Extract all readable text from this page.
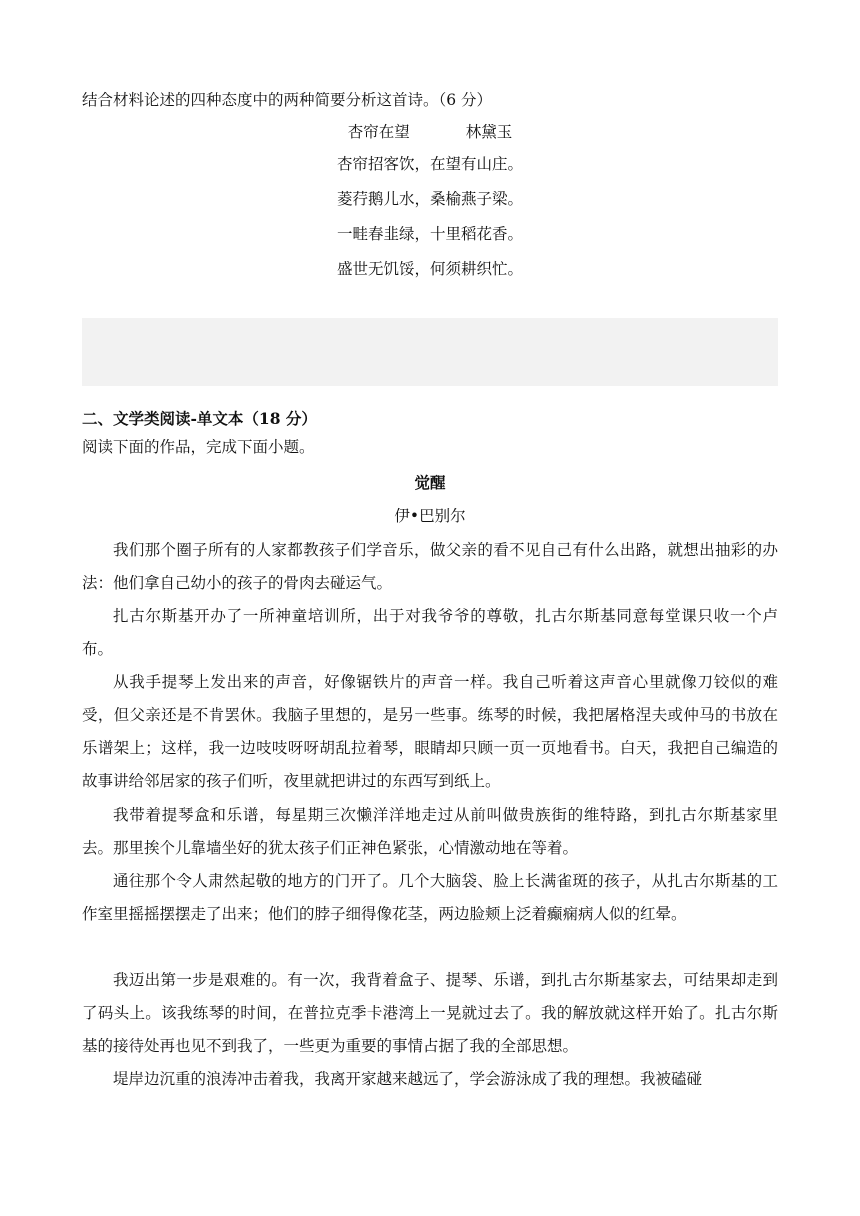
结合材料论述的四种态度中的两种简要分析这首诗。（6 分）
杏帘在望	林黛玉
杏帘招客饮，在望有山庄。
菱荇鹅儿水，桑榆燕子梁。
一畦春韭绿，十里稻花香。
盛世无饥馁，何须耕织忙。
二、文学类阅读-单文本（18 分）
阅读下面的作品，完成下面小题。
觉醒
伊•巴别尔

我们那个圈子所有的人家都教孩子们学音乐，做父亲的看不见自己有什么出路，就想出抽彩的办法：他们拿自己幼小的孩子的骨肉去碰运气。

扎古尔斯基开办了一所神童培训所，出于对我爷爷的尊敬，扎古尔斯基同意每堂课只收一个卢布。

从我手提琴上发出来的声音，好像锯铁片的声音一样。我自己听着这声音心里就像刀铰似的难受，但父亲还是不肯罢休。我脑子里想的，是另一些事。练琴的时候，我把屠格涅夫或仲马的书放在乐谱架上；这样，我一边吱吱呀呀胡乱拉着琴，眼睛却只顾一页一页地看书。白天，我把自己编造的故事讲给邻居家的孩子们听，夜里就把讲过的东西写到纸上。

我带着提琴盒和乐谱，每星期三次懒洋洋地走过从前叫做贵族街的维特路，到扎古尔斯基家里去。那里挨个儿靠墙坐好的犹太孩子们正神色紧张，心情激动地在等着。

通往那个令人肃然起敬的地方的门开了。几个大脑袋、脸上长满雀斑的孩子，从扎古尔斯基的工作室里摇摇摆摆走了出来；他们的脖子细得像花茎，两边脸颊上泛着癫痫病人似的红晕。

我迈出第一步是艰难的。有一次，我背着盒子、提琴、乐谱，到扎古尔斯基家去，可结果却走到了码头上。该我练琴的时间，在普拉克季卡港湾上一晃就过去了。我的解放就这样开始了。扎古尔斯基的接待处再也见不到我了，一些更为重要的事情占据了我的全部思想。

堤岸边沉重的浪涛冲击着我，我离开家越来越远了，学会游泳成了我的理想。我被磕碰
